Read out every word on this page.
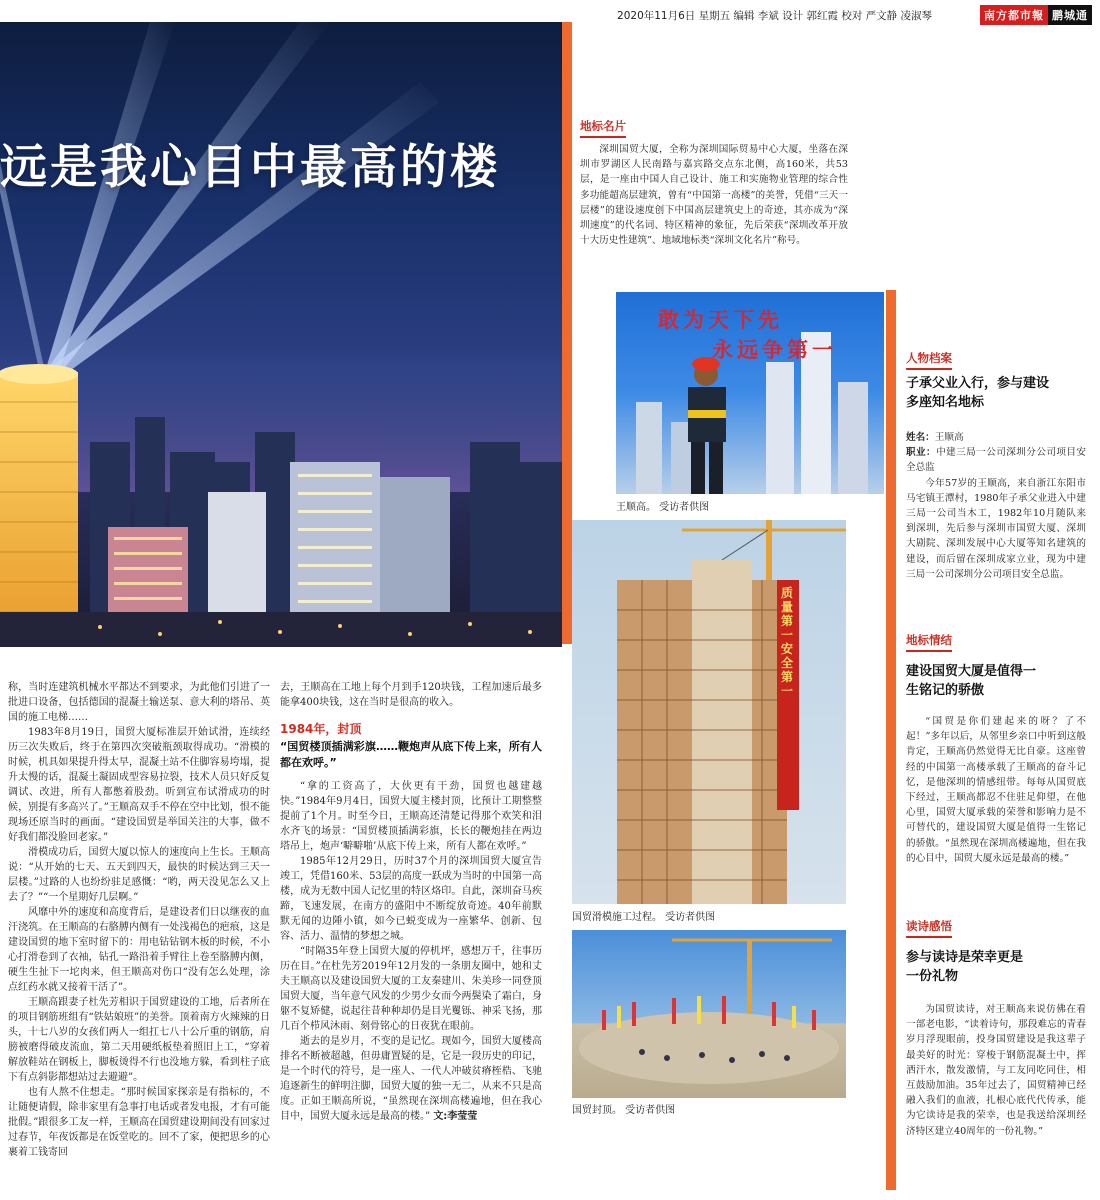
2020年11月6日 星期五 编辑 李斌 设计 郭红霞 校对 严文静 凌淑琴	南方都市報 鹏城通
远是我心目中最高的楼
地标名片
深圳国贸大厦，全称为深圳国际贸易中心大厦，坐落在深圳市罗湖区人民南路与嘉宾路交点东北侧，高160米，共53层，是一座由中国人自己设计、施工和实施物业管理的综合性多功能超高层建筑，曾有“中国第一高楼”的美誉，凭借“三天一层楼”的建设速度创下中国高层建筑史上的奇迹，其亦成为“深圳速度”的代名词、特区精神的象征，先后荣获“深圳改革开放十大历史性建筑”、地域地标类“深圳文化名片”称号。
敢为天下先
永远争第一
王顺高。 受访者供图
质量第一 安全第一
国贸滑模施工过程。 受访者供图
国贸封顶。 受访者供图
人物档案
子承父业入行，参与建设多座知名地标
姓名：王顺高
职业：中建三局一公司深圳分公司项目安全总监
今年57岁的王顺高，来自浙江东阳市马宅镇王潭村，1980年子承父业进入中建三局一公司当木工，1982年10月随队来到深圳，先后参与深圳市国贸大厦、深圳大剧院、深圳发展中心大厦等知名建筑的建设，而后留在深圳成家立业，现为中建三局一公司深圳分公司项目安全总监。
地标情结
建设国贸大厦是值得一生铭记的骄傲
“国贸是你们建起来的呀？了不起！”多年以后，从邻里乡亲口中听到这般肯定，王顺高仍然觉得无比自豪。这座曾经的中国第一高楼承载了王顺高的奋斗记忆，是他深圳的情感纽带。每每从国贸底下经过，王顺高都忍不住驻足仰望，在他心里，国贸大厦承载的荣誉和影响力是不可替代的，建设国贸大厦是值得一生铭记的骄傲。“虽然现在深圳高楼遍地，但在我的心目中，国贸大厦永远是最高的楼。”
读诗感悟
参与读诗是荣幸更是一份礼物
为国贸读诗，对王顺高来说仿佛在看一部老电影，“读着诗句，那段难忘的青春岁月浮现眼前，投身国贸建设是我这辈子最美好的时光：穿梭于钢筋混凝土中，挥洒汗水，散发激情，与工友同吃同住，相互鼓励加油。35年过去了，国贸精神已经融入我们的血液，扎根心底代代传承，能为它读诗是我的荣幸，也是我送给深圳经济特区建立40周年的一份礼物。”

称，当时连建筑机械水平都达不到要求，为此他们引进了一批进口设备，包括德国的混凝土输送泵、意大利的塔吊、英国的施工电梯……

1983年8月19日，国贸大厦标准层开始试滑，连续经历三次失败后，终于在第四次突破瓶颈取得成功。“滑模的时候，机具如果提升得太早，混凝土站不住脚容易垮塌，提升太慢的话，混凝土凝固成型容易拉裂，技术人员只好反复调试、改进，所有人都憋着股劲。听到宣布试滑成功的时候，别提有多高兴了。”王顺高双手不停在空中比划，恨不能现场还原当时的画面。“建设国贸是举国关注的大事，做不好我们都没脸回老家。”

滑模成功后，国贸大厦以惊人的速度向上生长。王顺高说：“从开始的七天、五天到四天，最快的时候达到三天一层楼。”过路的人也纷纷驻足感慨：“哟，两天没见怎么又上去了？”“一个星期好几层啊。”

风靡中外的速度和高度背后，是建设者们日以继夜的血汗浇筑。在王顺高的右胳膊内侧有一处浅褐色的疤痕，这是建设国贸的地下室时留下的：用电钻钻钢木板的时候，不小心打滑卷到了衣袖，钻孔一路沿着手臂往上卷至胳膊内侧，硬生生扯下一坨肉来，但王顺高对伤口“没有怎么处理，涂点红药水就又接着干活了”。

王顺高跟妻子杜先芳相识于国贸建设的工地，后者所在的项目钢筋班组有“铁姑娘班”的美誉。顶着南方火辣辣的日头，十七八岁的女孩们两人一组扛七八十公斤重的钢筋，肩膀被磨得破皮流血，第二天用硬纸板垫着照旧上工，“穿着解放鞋站在钢板上，脚板烫得不行也没地方躲，看到柱子底下有点斜影都想站过去避避”。

也有人熬不住想走。“那时候国家探亲是有指标的，不让随便请假，除非家里有急事打电话或者发电报，才有可能批假。”跟很多工友一样，王顺高在国贸建设期间没有回家过过春节，年夜饭都是在饭堂吃的。回不了家，便把思乡的心裹着工钱寄回

去，王顺高在工地上每个月到手120块钱，工程加速后最多能拿400块钱，这在当时是很高的收入。

1984年，封顶
“国贸楼顶插满彩旗……鞭炮声从底下传上来，所有人都在欢呼。”

“拿的工资高了，大伙更有干劲，国贸也越建越快。”1984年9月4日，国贸大厦主楼封顶，比预计工期整整提前了1个月。时至今日，王顺高还清楚记得那个欢笑和泪水齐飞的场景：“国贸楼顶插满彩旗，长长的鞭炮挂在两边塔吊上，炮声‘噼噼啪’从底下传上来，所有人都在欢呼。”

1985年12月29日，历时37个月的深圳国贸大厦宣告竣工，凭借160米、53层的高度一跃成为当时的中国第一高楼，成为无数中国人记忆里的特区烙印。自此，深圳奋马疾蹄，飞速发展，在南方的盛阳中不断绽放奇迹。40年前默默无闻的边陲小镇，如今已蜕变成为一座繁华、创新、包容、活力、温情的梦想之城。

“时隔35年登上国贸大厦的停机坪，感想万千，往事历历在目。”在杜先芳2019年12月发的一条朋友圈中，她和丈夫王顺高以及建设国贸大厦的工友秦建川、朱美珍一同登顶国贸大厦，当年意气风发的少男少女而今两鬓染了霜白，身躯不复矫健，说起往昔种种却仍是目光矍铄、神采飞扬，那几百个栉风沐雨、刻骨铭心的日夜犹在眼前。

逝去的是岁月，不变的是记忆。现如今，国贸大厦楼高排名不断被超越，但毋庸置疑的是，它是一段历史的印记，是一个时代的符号，是一座人、一代人冲破贫瘠桎梏、飞驰追逐新生的鲜明注脚，国贸大厦的独一无二，从来不只是高度。正如王顺高所说，“虽然现在深圳高楼遍地，但在我心目中，国贸大厦永远是最高的楼。” 文:李莹莹
